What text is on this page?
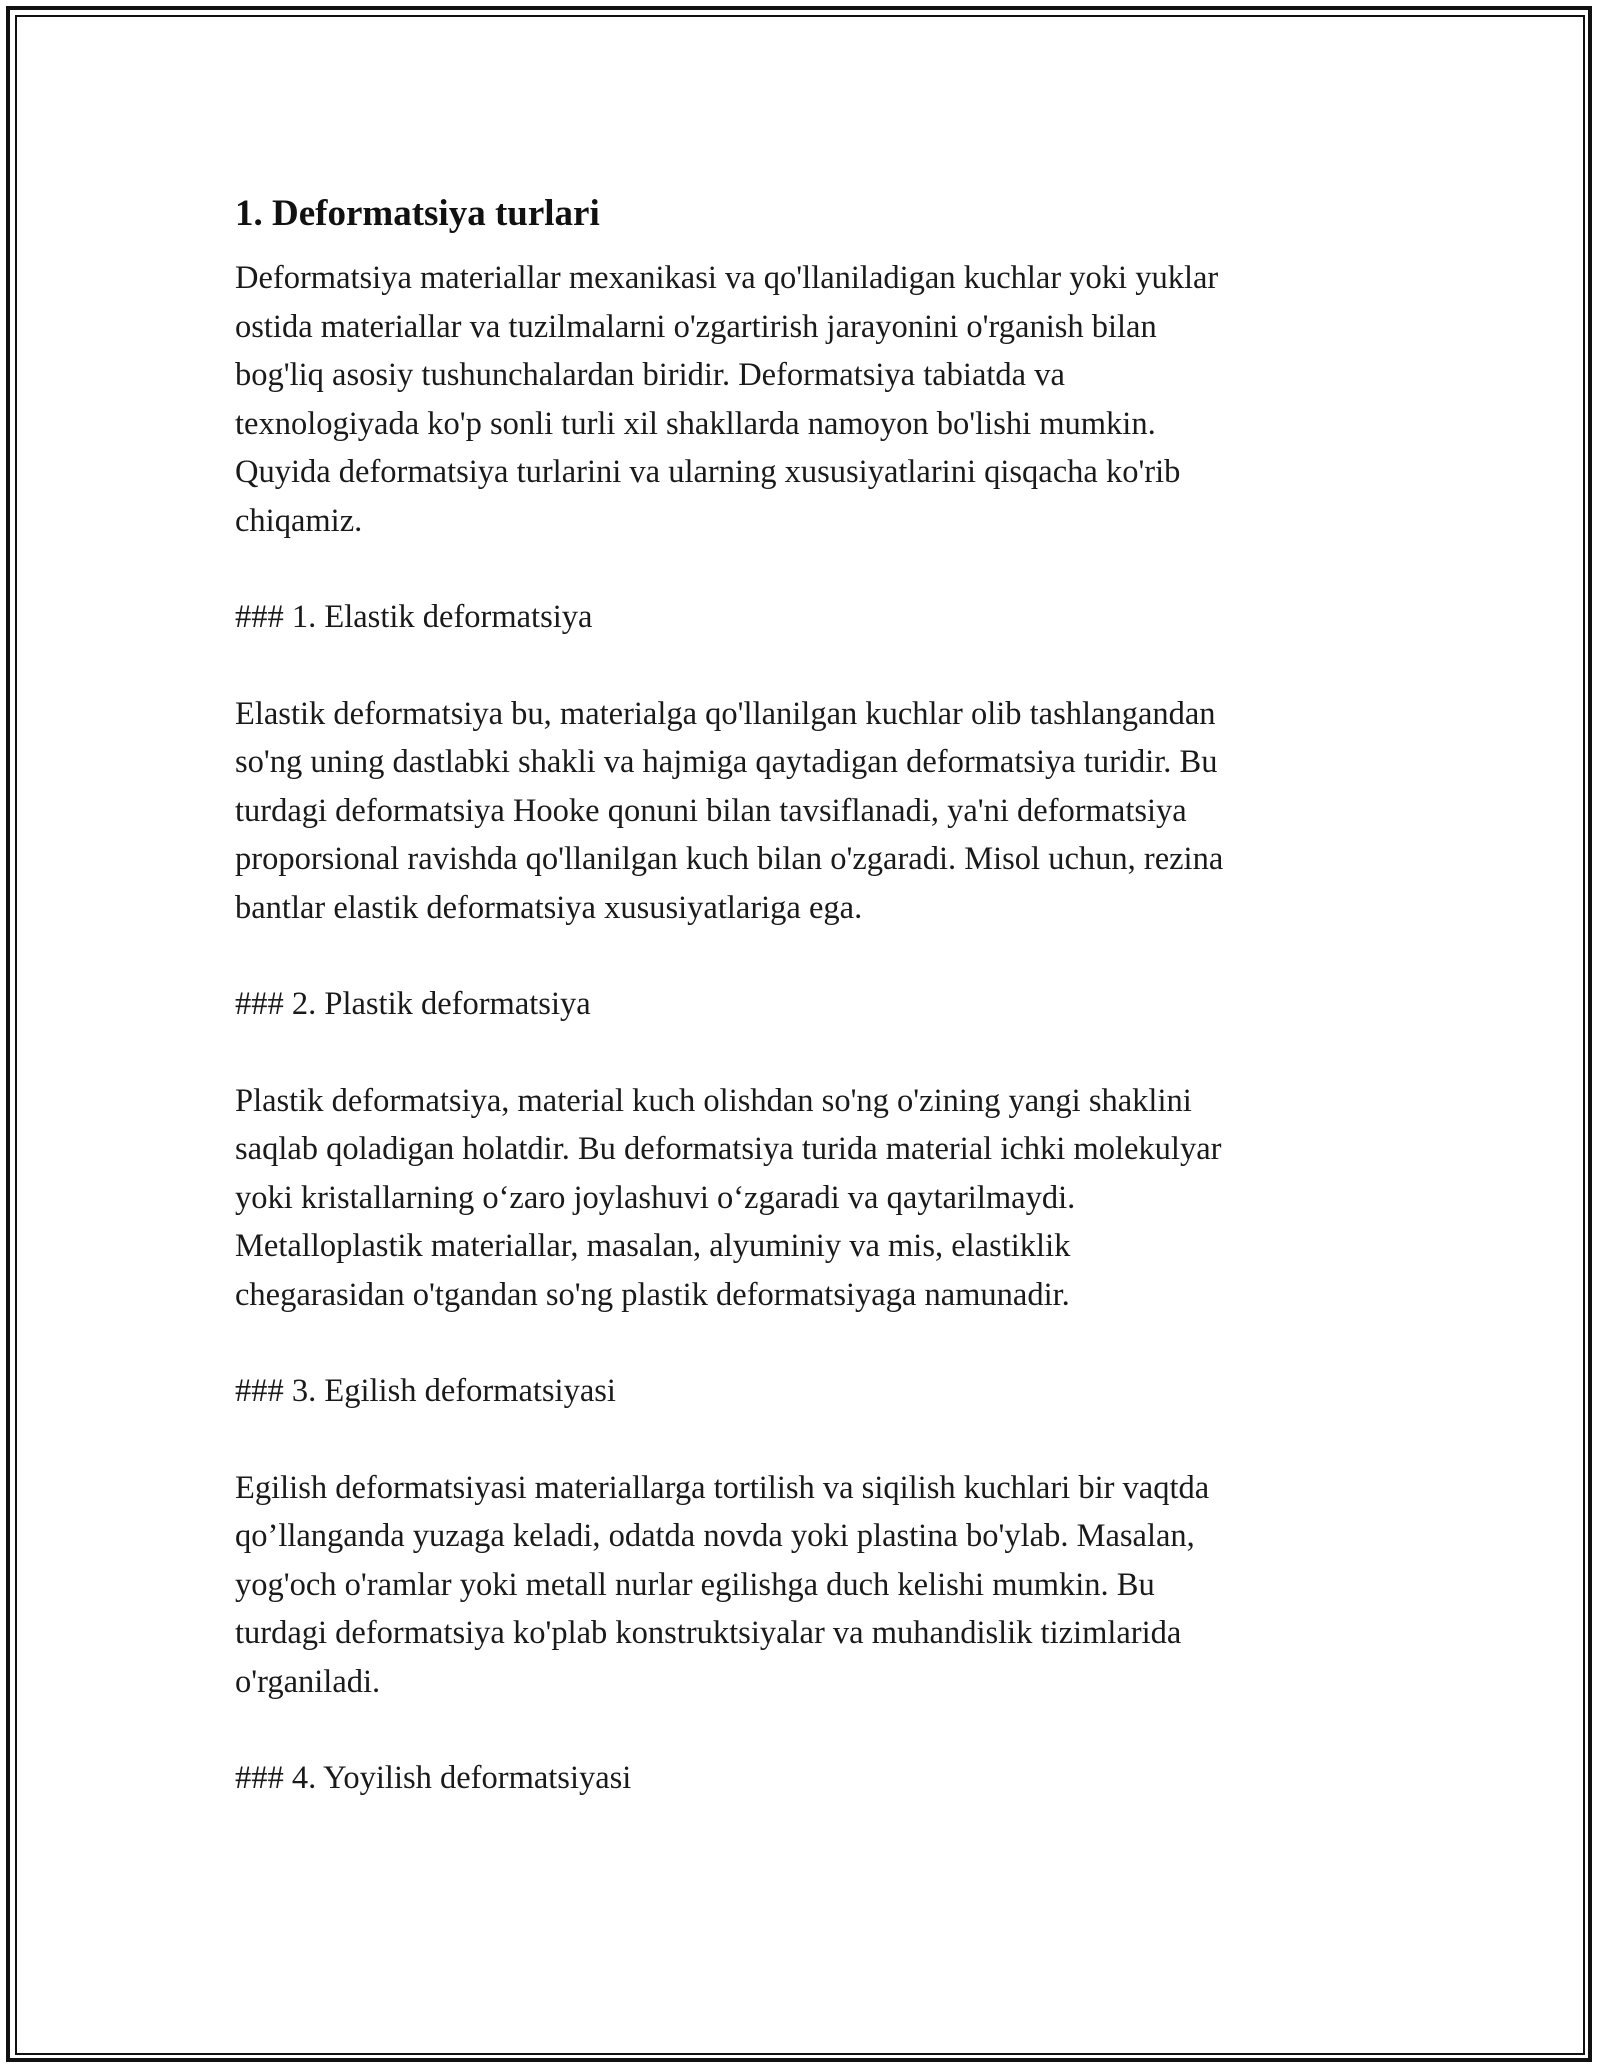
1. Deformatsiya turlari

Deformatsiya materiallar mexanikasi va qo'llaniladigan kuchlar yoki yuklar
ostida materiallar va tuzilmalarni o'zgartirish jarayonini o'rganish bilan
bog'liq asosiy tushunchalardan biridir. Deformatsiya tabiatda va
texnologiyada ko'p sonli turli xil shakllarda namoyon bo'lishi mumkin.
Quyida deformatsiya turlarini va ularning xususiyatlarini qisqacha ko'rib
chiqamiz.

### 1. Elastik deformatsiya

Elastik deformatsiya bu, materialga qo'llanilgan kuchlar olib tashlangandan
so'ng uning dastlabki shakli va hajmiga qaytadigan deformatsiya turidir. Bu
turdagi deformatsiya Hooke qonuni bilan tavsiflanadi, ya'ni deformatsiya
proporsional ravishda qo'llanilgan kuch bilan o'zgaradi. Misol uchun, rezina
bantlar elastik deformatsiya xususiyatlariga ega.

### 2. Plastik deformatsiya

Plastik deformatsiya, material kuch olishdan so'ng o'zining yangi shaklini
saqlab qoladigan holatdir. Bu deformatsiya turida material ichki molekulyar
yoki kristallarning o‘zaro joylashuvi o‘zgaradi va qaytarilmaydi.
Metalloplastik materiallar, masalan, alyuminiy va mis, elastiklik
chegarasidan o'tgandan so'ng plastik deformatsiyaga namunadir.

### 3. Egilish deformatsiyasi

Egilish deformatsiyasi materiallarga tortilish va siqilish kuchlari bir vaqtda
qo’llanganda yuzaga keladi, odatda novda yoki plastina bo'ylab. Masalan,
yog'och o'ramlar yoki metall nurlar egilishga duch kelishi mumkin. Bu
turdagi deformatsiya ko'plab konstruktsiyalar va muhandislik tizimlarida
o'rganiladi.

### 4. Yoyilish deformatsiyasi
